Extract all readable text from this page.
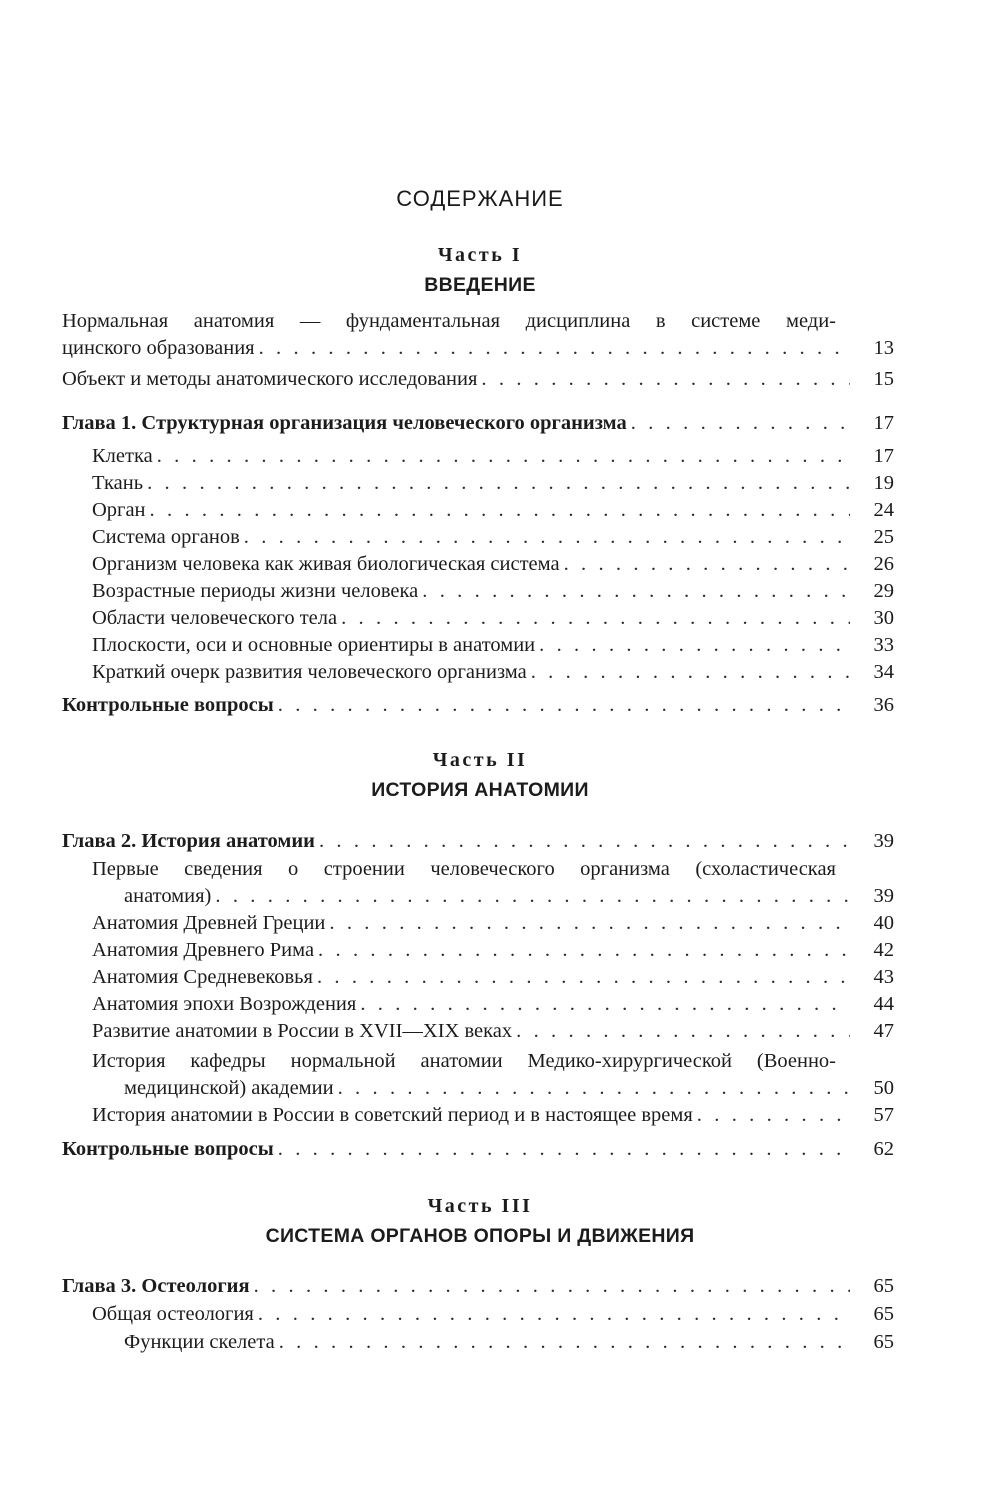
СОДЕРЖАНИЕ
Часть I
ВВЕДЕНИЕ
Нормальная анатомия — фундаментальная дисциплина в системе меди-
цинского образования . . .	13
Объект и методы анатомического исследования . . .	15
Глава 1. Структурная организация человеческого организма . . .	17
Клетка . . .	17
Ткань . . .	19
Орган . . .	24
Система органов . . .	25
Организм человека как живая биологическая система . . .	26
Возрастные периоды жизни человека . . .	29
Области человеческого тела . . .	30
Плоскости, оси и основные ориентиры в анатомии . . .	33
Краткий очерк развития человеческого организма . . .	34
Контрольные вопросы . . .	36
Часть II
ИСТОРИЯ АНАТОМИИ
Глава 2. История анатомии . . .	39
Первые сведения о строении человеческого организма (схоластическая
анатомия) . . .	39
Анатомия Древней Греции . . .	40
Анатомия Древнего Рима . . .	42
Анатомия Средневековья . . .	43
Анатомия эпохи Возрождения . . .	44
Развитие анатомии в России в XVII—XIX веках . . .	47
История кафедры нормальной анатомии Медико-хирургической (Военно-
медицинской) академии . . .	50
История анатомии в России в советский период и в настоящее время . . .	57
Контрольные вопросы . . .	62
Часть III
СИСТЕМА ОРГАНОВ ОПОРЫ И ДВИЖЕНИЯ
Глава 3. Остеология . . .	65
Общая остеология . . .	65
Функции скелета . . .	65
